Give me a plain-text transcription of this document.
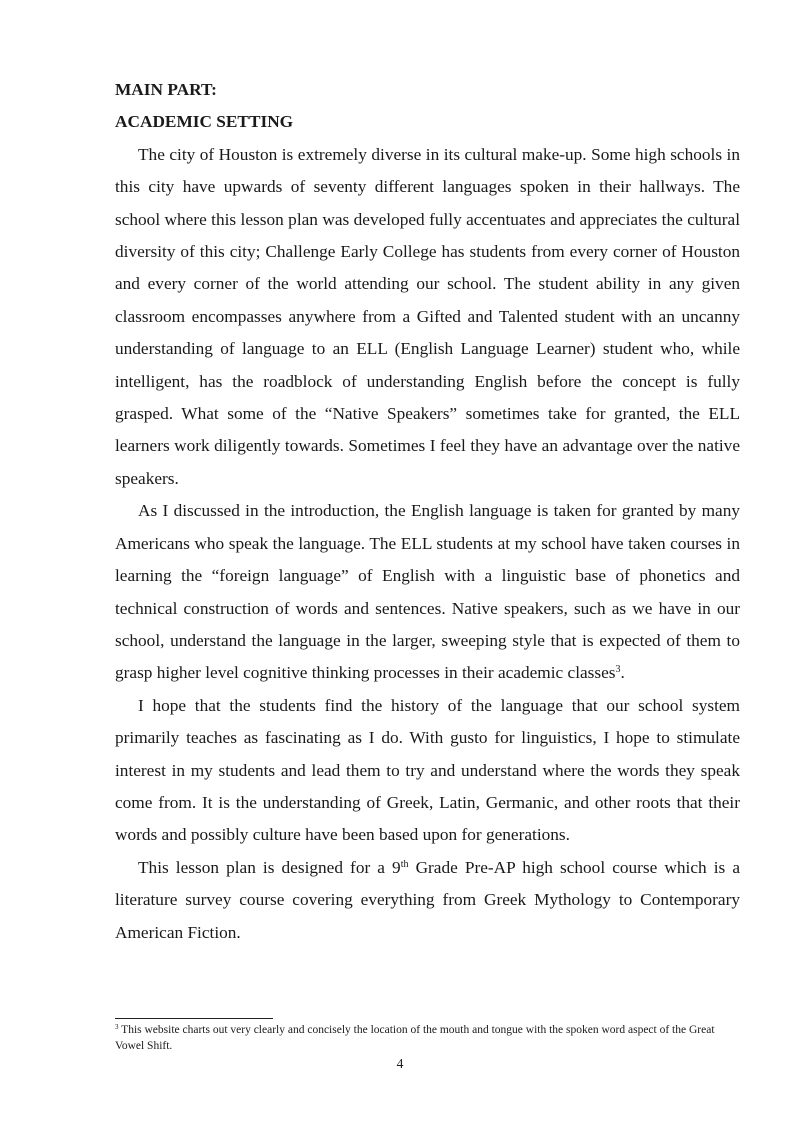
MAIN PART:

ACADEMIC SETTING

The city of Houston is extremely diverse in its cultural make-up. Some high schools in this city have upwards of seventy different languages spoken in their hallways. The school where this lesson plan was developed fully accentuates and appreciates the cultural diversity of this city; Challenge Early College has students from every corner of Houston and every corner of the world attending our school. The student ability in any given classroom encompasses anywhere from a Gifted and Talented student with an uncanny understanding of language to an ELL (English Language Learner) student who, while intelligent, has the roadblock of understanding English before the concept is fully grasped. What some of the “Native Speakers” sometimes take for granted, the ELL learners work diligently towards. Sometimes I feel they have an advantage over the native speakers.

As I discussed in the introduction, the English language is taken for granted by many Americans who speak the language. The ELL students at my school have taken courses in learning the “foreign language” of English with a linguistic base of phonetics and technical construction of words and sentences. Native speakers, such as we have in our school, understand the language in the larger, sweeping style that is expected of them to grasp higher level cognitive thinking processes in their academic classes$^3$.

I hope that the students find the history of the language that our school system primarily teaches as fascinating as I do. With gusto for linguistics, I hope to stimulate interest in my students and lead them to try and understand where the words they speak come from. It is the understanding of Greek, Latin, Germanic, and other roots that their words and possibly culture have been based upon for generations.

This lesson plan is designed for a 9th Grade Pre-AP high school course which is a literature survey course covering everything from Greek Mythology to Contemporary American Fiction.

$^3$ This website charts out very clearly and concisely the location of the mouth and tongue with the spoken word aspect of the Great Vowel Shift.

4
